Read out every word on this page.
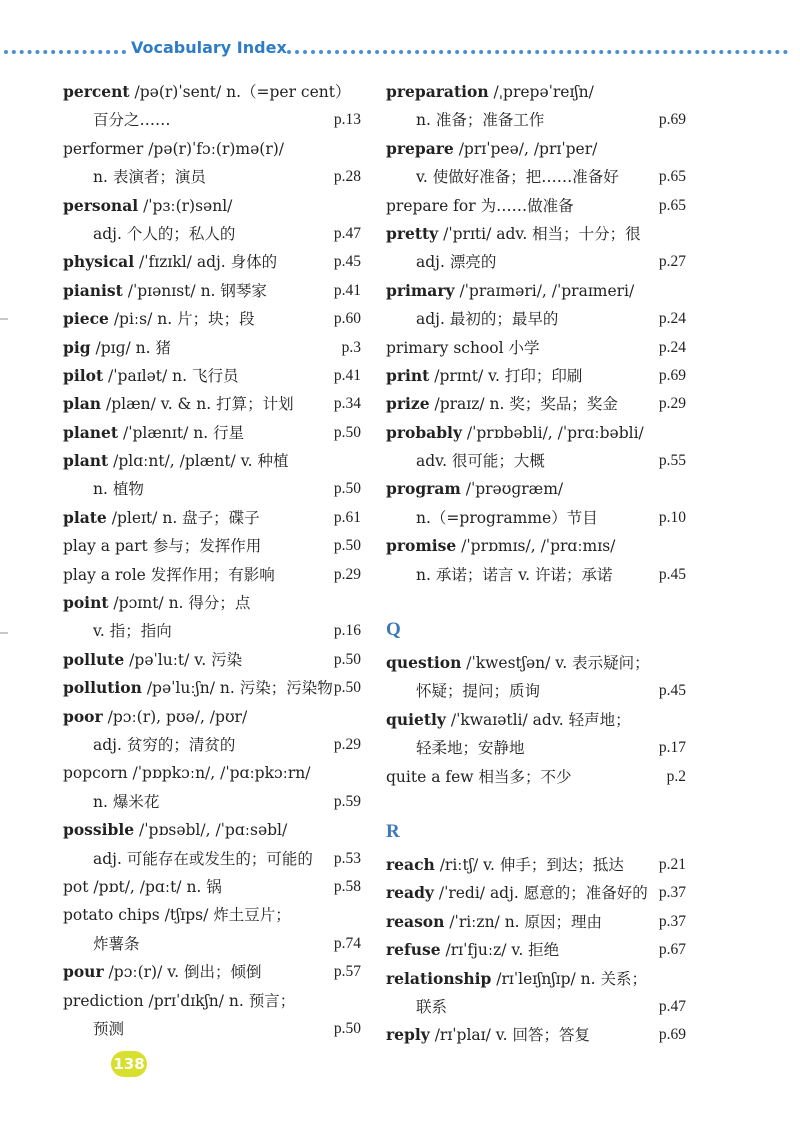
Vocabulary Index
percent /pə(r)ˈsent/ n.（=per cent）
百分之……	p.13
performer /pə(r)ˈfɔː(r)mə(r)/
n. 表演者；演员	p.28
personal /ˈpɜː(r)sənl/
adj. 个人的；私人的	p.47
physical /ˈfɪzɪkl/ adj. 身体的	p.45
pianist /ˈpɪənɪst/ n. 钢琴家	p.41
piece /piːs/ n. 片；块；段	p.60
pig /pɪɡ/ n. 猪	p.3
pilot /ˈpaɪlət/ n. 飞行员	p.41
plan /plæn/ v. & n. 打算；计划	p.34
planet /ˈplænɪt/ n. 行星	p.50
plant /plɑːnt/, /plænt/ v. 种植
n. 植物	p.50
plate /pleɪt/ n. 盘子；碟子	p.61
play a part 参与；发挥作用	p.50
play a role 发挥作用；有影响	p.29
point /pɔɪnt/ n. 得分；点
v. 指；指向	p.16
pollute /pəˈluːt/ v. 污染	p.50
pollution /pəˈluːʃn/ n. 污染；污染物 p.50
poor /pɔː(r), pʊə/, /pʊr/
adj. 贫穷的；清贫的	p.29
popcorn /ˈpɒpkɔːn/, /ˈpɑːpkɔːrn/
n. 爆米花	p.59
possible /ˈpɒsəbl/, /ˈpɑːsəbl/
adj. 可能存在或发生的；可能的 p.53
pot /pɒt/, /pɑːt/ n. 锅	p.58
potato chips /tʃɪps/ 炸土豆片；
炸薯条	p.74
pour /pɔː(r)/ v. 倒出；倾倒	p.57
prediction /prɪˈdɪkʃn/ n. 预言；
预测	p.50
preparation /ˌprepəˈreɪʃn/
n. 准备；准备工作	p.69
prepare /prɪˈpeə/, /prɪˈper/
v. 使做好准备；把……准备好	p.65
prepare for 为……做准备	p.65
pretty /ˈprɪti/ adv. 相当；十分；很
adj. 漂亮的	p.27
primary /ˈpraɪməri/, /ˈpraɪmeri/
adj. 最初的；最早的	p.24
primary school 小学	p.24
print /prɪnt/ v. 打印；印刷	p.69
prize /praɪz/ n. 奖；奖品；奖金	p.29
probably /ˈprɒbəbli/, /ˈprɑːbəbli/
adv. 很可能；大概	p.55
program /ˈprəʊɡræm/
n.（=programme）节目	p.10
promise /ˈprɒmɪs/, /ˈprɑːmɪs/
n. 承诺；诺言 v. 许诺；承诺	p.45
Q
question /ˈkwestʃən/ v. 表示疑问；
怀疑；提问；质询	p.45
quietly /ˈkwaɪətli/ adv. 轻声地；
轻柔地；安静地	p.17
quite a few 相当多；不少	p.2
R
reach /riːtʃ/ v. 伸手；到达；抵达 p.21
ready /ˈredi/ adj. 愿意的；准备好的 p.37
reason /ˈriːzn/ n. 原因；理由	p.37
refuse /rɪˈfjuːz/ v. 拒绝	p.67
relationship /rɪˈleɪʃnʃɪp/ n. 关系；
联系	p.47
reply /rɪˈplaɪ/ v. 回答；答复	p.69
138
